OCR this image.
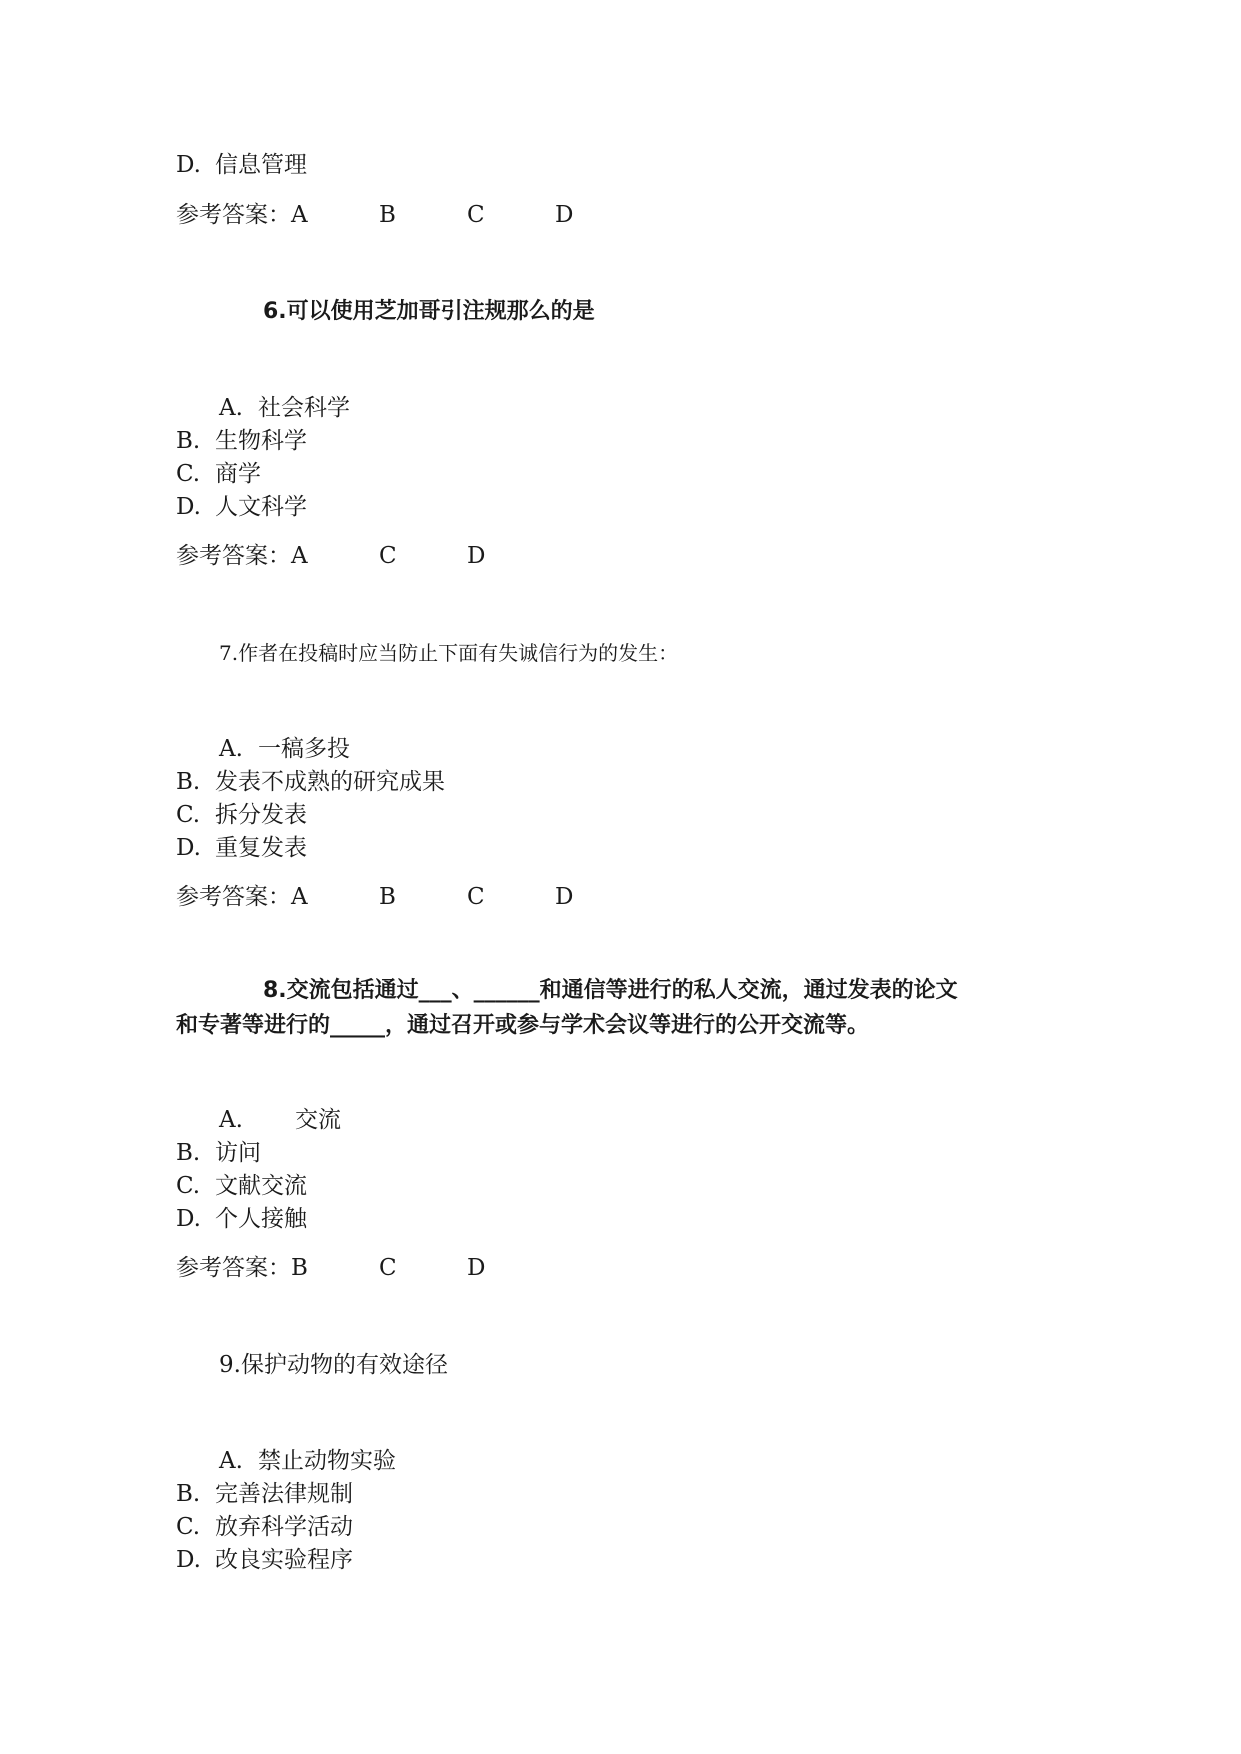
D. 信息管理
参考答案：A	B	C	D
6.可以使用芝加哥引注规那么的是
A. 社会科学
B. 生物科学
C. 商学
D. 人文科学
参考答案：A	C	D
7.作者在投稿时应当防止下面有失诚信行为的发生：
A. 一稿多投
B. 发表不成熟的研究成果
C. 拆分发表
D. 重复发表
参考答案：A	B	C	D
8.交流包括通过___、______和通信等进行的私人交流，通过发表的论文
和专著等进行的_____，通过召开或参与学术会议等进行的公开交流等。
A. 交流
B. 访问
C. 文献交流
D. 个人接触
参考答案：B	C	D
9.保护动物的有效途径
A. 禁止动物实验
B. 完善法律规制
C. 放弃科学活动
D. 改良实验程序
